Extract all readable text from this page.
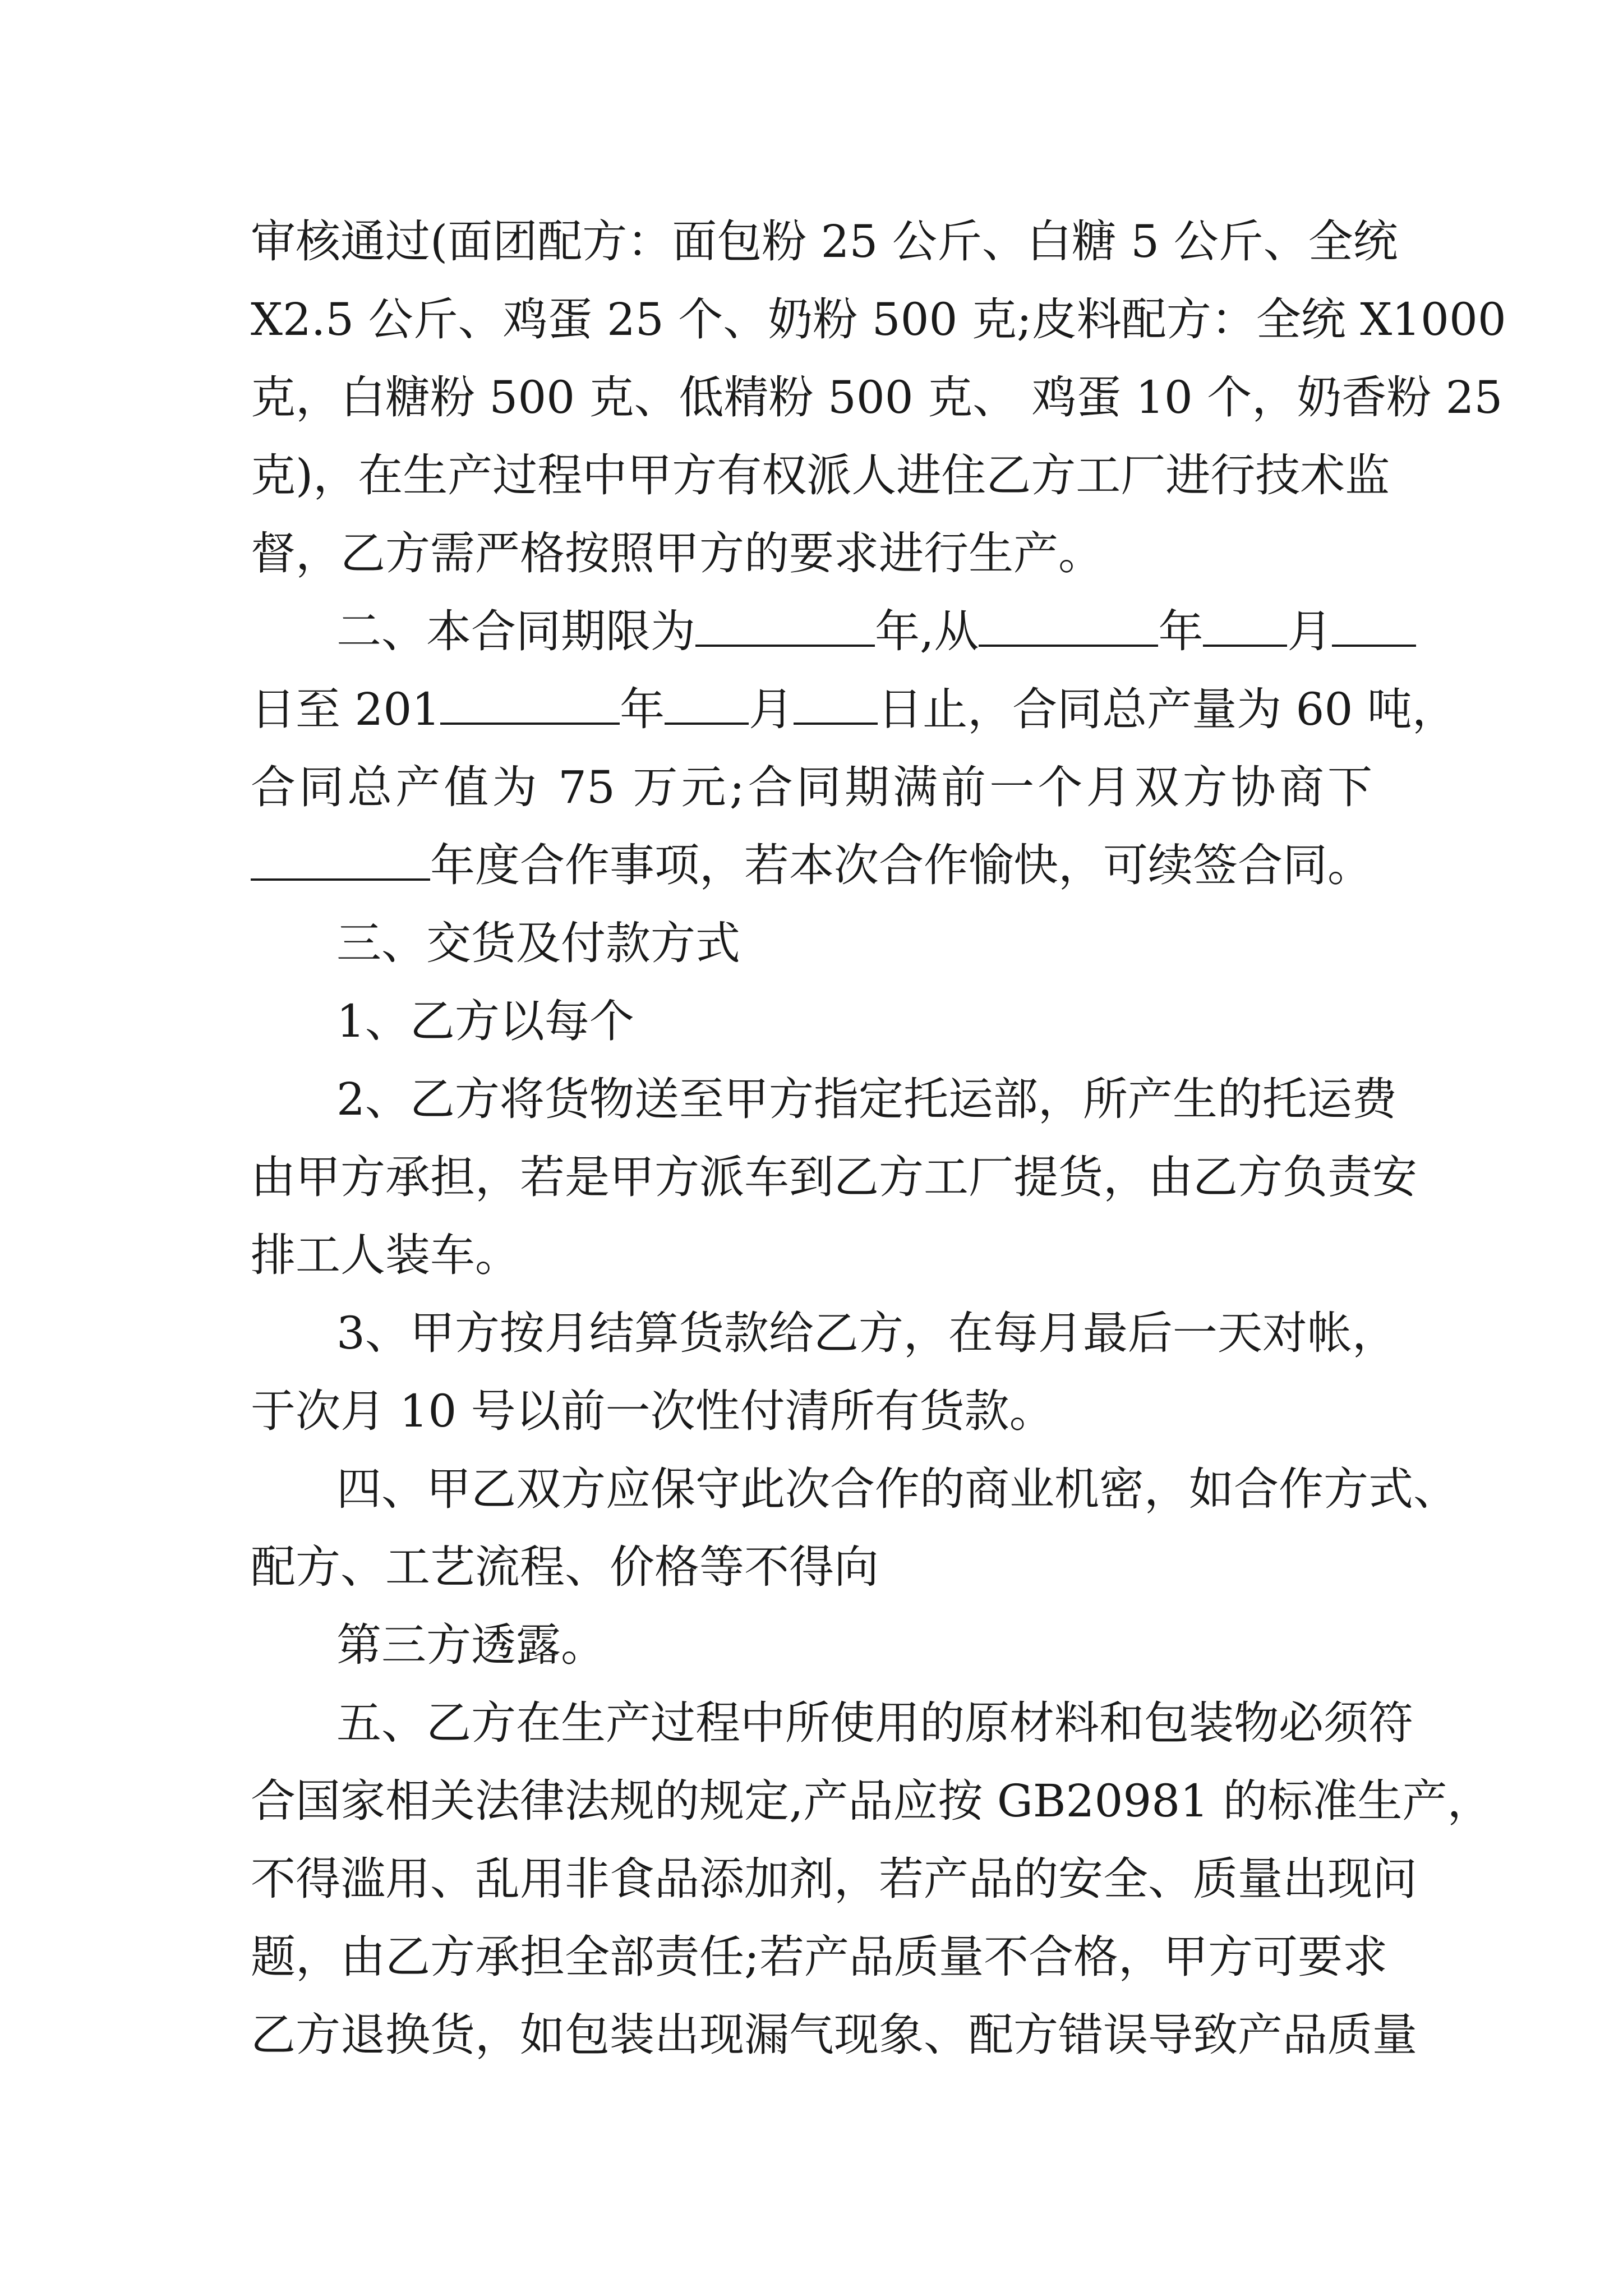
审核通过(面团配方：面包粉 25 公斤、白糖 5 公斤、全统
X2.5 公斤、鸡蛋 25 个、奶粉 500 克;皮料配方：全统 X1000
克，白糖粉 500 克、低精粉 500 克、 鸡蛋 10 个，奶香粉 25
克)，在生产过程中甲方有权派人进住乙方工厂进行技术监
督，乙方需严格按照甲方的要求进行生产。
二、本合同期限为	年,从	年 月
日至 201	年 月 日止，合同总产量为 60 吨，
合同总产值为 75 万元;合同期满前一个月双方协商下
年度合作事项，若本次合作愉快，可续签合同。
三、交货及付款方式
1、乙方以每个
2、乙方将货物送至甲方指定托运部，所产生的托运费
由甲方承担，若是甲方派车到乙方工厂提货，由乙方负责安
排工人装车。
3、甲方按月结算货款给乙方，在每月最后一天对帐，
于次月 10 号以前一次性付清所有货款。
四、甲乙双方应保守此次合作的商业机密，如合作方式、
配方、工艺流程、价格等不得向
第三方透露。
五、乙方在生产过程中所使用的原材料和包装物必须符
合国家相关法律法规的规定,产品应按 GB20981 的标准生产，
不得滥用、乱用非食品添加剂，若产品的安全、质量出现问
题，由乙方承担全部责任;若产品质量不合格，甲方可要求
乙方退换货，如包装出现漏气现象、配方错误导致产品质量
